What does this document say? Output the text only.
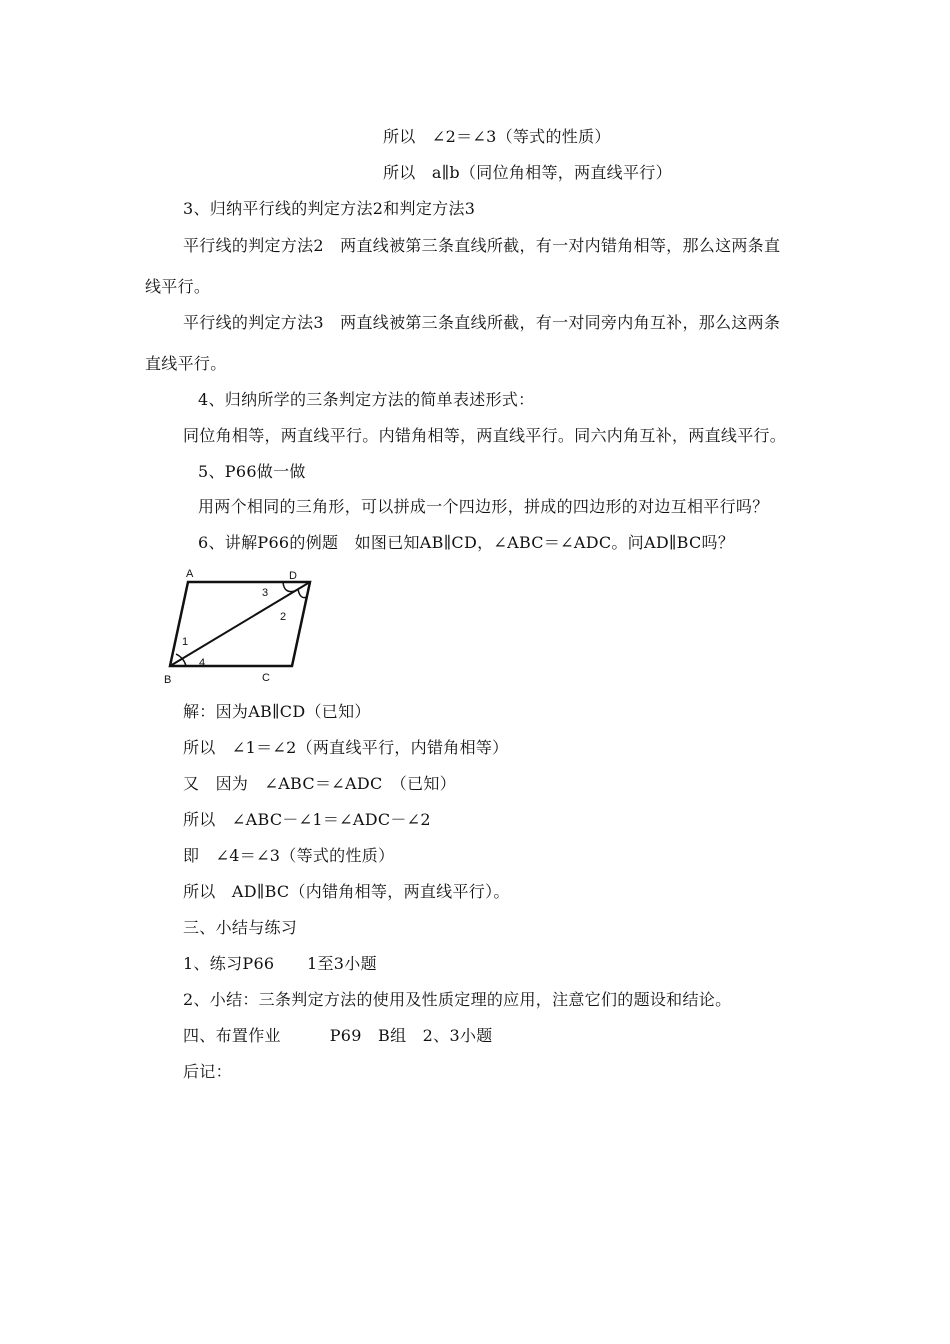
所以　∠2＝∠3（等式的性质）
所以　a∥b（同位角相等，两直线平行）
3、归纳平行线的判定方法2和判定方法3
平行线的判定方法2　两直线被第三条直线所截，有一对内错角相等，那么这两条直
线平行。
平行线的判定方法3　两直线被第三条直线所截，有一对同旁内角互补，那么这两条
直线平行。
4、归纳所学的三条判定方法的简单表述形式：
同位角相等，两直线平行。内错角相等，两直线平行。同六内角互补，两直线平行。
5、P66做一做
用两个相同的三角形，可以拼成一个四边形，拼成的四边形的对边互相平行吗？
6、讲解P66的例题　如图已知AB∥CD，∠ABC＝∠ADC。问AD∥BC吗？
A	D
B	C
1
2
3
4
解：因为AB∥CD（已知）
所以　∠1＝∠2（两直线平行，内错角相等）
又　因为　∠ABC＝∠ADC　（已知）
所以　∠ABC－∠1＝∠ADC－∠2
即　∠4＝∠3（等式的性质）
所以　AD∥BC（内错角相等，两直线平行）。
三、小结与练习
1、练习P66　　1至3小题
2、小结：三条判定方法的使用及性质定理的应用，注意它们的题设和结论。
四、布置作业　　　P69　B组　2、3小题
后记：
